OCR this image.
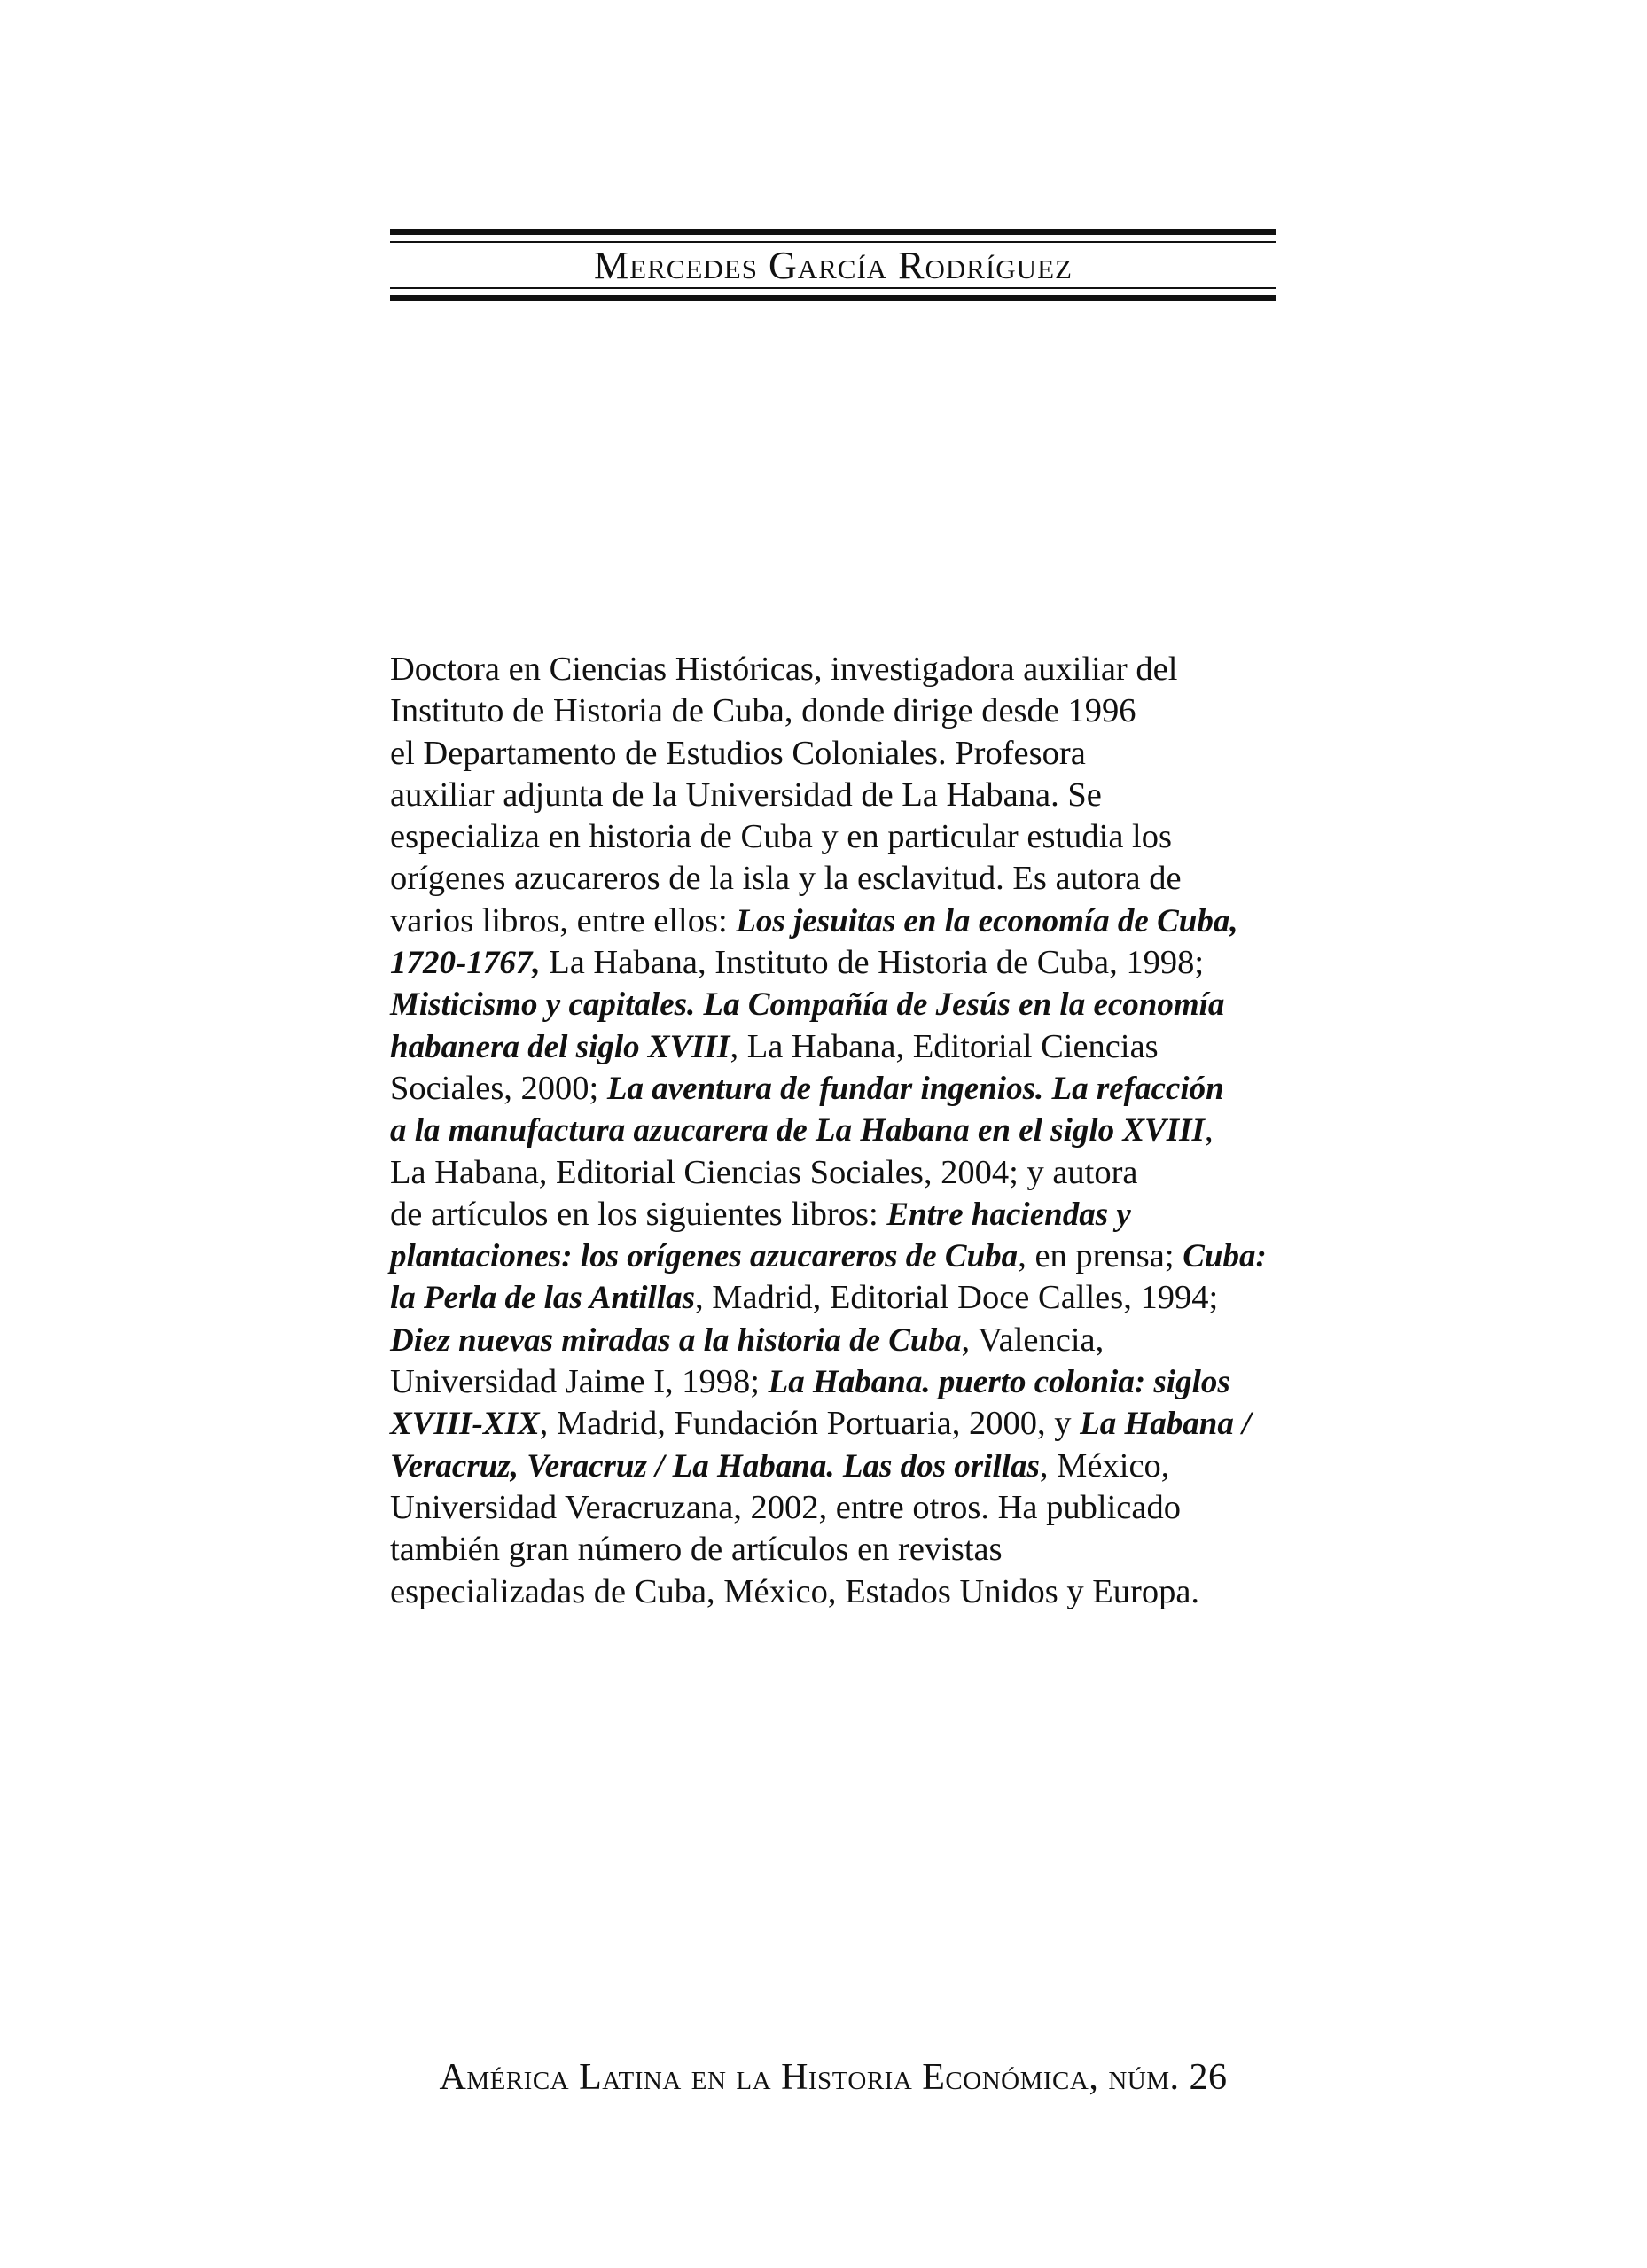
Mercedes García Rodríguez
Doctora en Ciencias Históricas, investigadora auxiliar del
Instituto de Historia de Cuba, donde dirige desde 1996
el Departamento de Estudios Coloniales. Profesora
auxiliar adjunta de la Universidad de La Habana. Se
especializa en historia de Cuba y en particular estudia los
orígenes azucareros de la isla y la esclavitud. Es autora de
varios libros, entre ellos: Los jesuitas en la economía de Cuba,
1720-1767, La Habana, Instituto de Historia de Cuba, 1998;
Misticismo y capitales. La Compañía de Jesús en la economía
habanera del siglo XVIII, La Habana, Editorial Ciencias
Sociales, 2000; La aventura de fundar ingenios. La refacción
a la manufactura azucarera de La Habana en el siglo XVIII,
La Habana, Editorial Ciencias Sociales, 2004; y autora
de artículos en los siguientes libros: Entre haciendas y
plantaciones: los orígenes azucareros de Cuba, en prensa; Cuba:
la Perla de las Antillas, Madrid, Editorial Doce Calles, 1994;
Diez nuevas miradas a la historia de Cuba, Valencia,
Universidad Jaime I, 1998; La Habana. puerto colonia: siglos
XVIII-XIX, Madrid, Fundación Portuaria, 2000, y La Habana /
Veracruz, Veracruz / La Habana. Las dos orillas, México,
Universidad Veracruzana, 2002, entre otros. Ha publicado
también gran número de artículos en revistas
especializadas de Cuba, México, Estados Unidos y Europa.
América Latina en la Historia Económica, núm. 26
